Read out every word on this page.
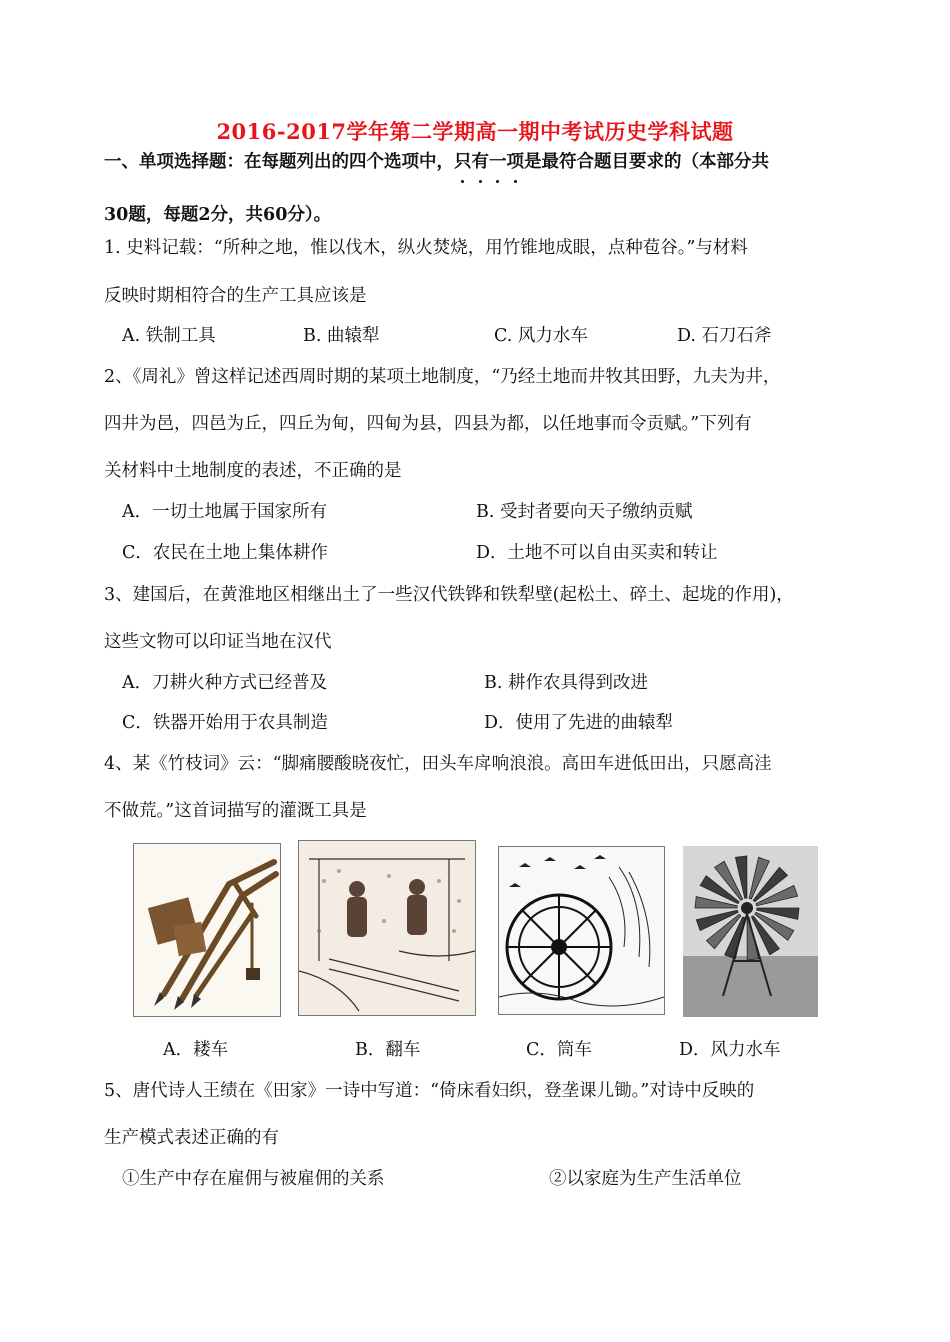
2016-2017学年第二学期高一期中考试历史学科试题
一、单项选择题：在每题列出的四个选项中，只有一项是最符合题目要求的（本部分共
30题，每题2分，共60分）。
1. 史料记载：“所种之地，惟以伐木，纵火焚烧，用竹锥地成眼，点种苞谷。”与材料
反映时期相符合的生产工具应该是
A. 铁制工具	B. 曲辕犁	C. 风力水车	D. 石刀石斧
2、《周礼》曾这样记述西周时期的某项土地制度，“乃经土地而井牧其田野，九夫为井，
四井为邑，四邑为丘，四丘为甸，四甸为县，四县为都，以任地事而令贡赋。”下列有
关材料中土地制度的表述，不正确的是
A．一切土地属于国家所有	B. 受封者要向天子缴纳贡赋
C．农民在土地上集体耕作	D．土地不可以自由买卖和转让
3、建国后，在黄淮地区相继出土了一些汉代铁铧和铁犁壁(起松土、碎土、起垅的作用)，
这些文物可以印证当地在汉代
A．刀耕火种方式已经普及	B. 耕作农具得到改进
C．铁器开始用于农具制造	D．使用了先进的曲辕犁
4、某《竹枝词》云：“脚痛腰酸晓夜忙，田头车戽响浪浪。高田车进低田出，只愿高洼
不做荒。”这首词描写的灌溉工具是
A．耧车	B．翻车	C．筒车	D．风力水车
5、唐代诗人王绩在《田家》一诗中写道：“倚床看妇织，登垄课儿锄。”对诗中反映的
生产模式表述正确的有
①生产中存在雇佣与被雇佣的关系	②以家庭为生产生活单位
